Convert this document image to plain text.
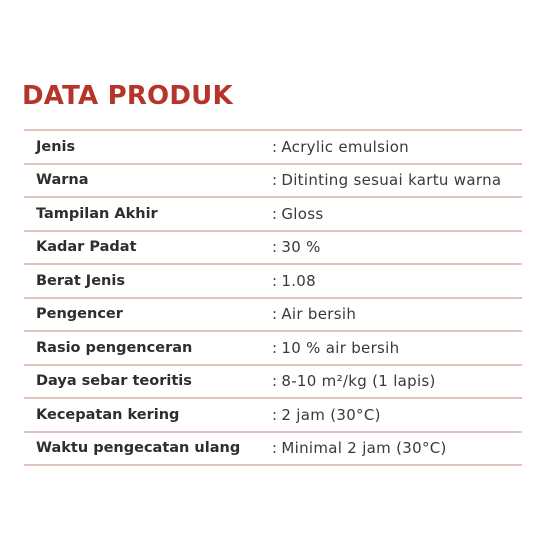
DATA PRODUK
Jenis	: Acrylic emulsion
Warna	: Ditinting sesuai kartu warna
Tampilan Akhir	: Gloss
Kadar Padat	: 30 %
Berat Jenis	: 1.08
Pengencer	: Air bersih
Rasio pengenceran	: 10 % air bersih
Daya sebar teoritis	: 8-10 m²/kg (1 lapis)
Kecepatan kering	: 2 jam (30°C)
Waktu pengecatan ulang	: Minimal 2 jam (30°C)
